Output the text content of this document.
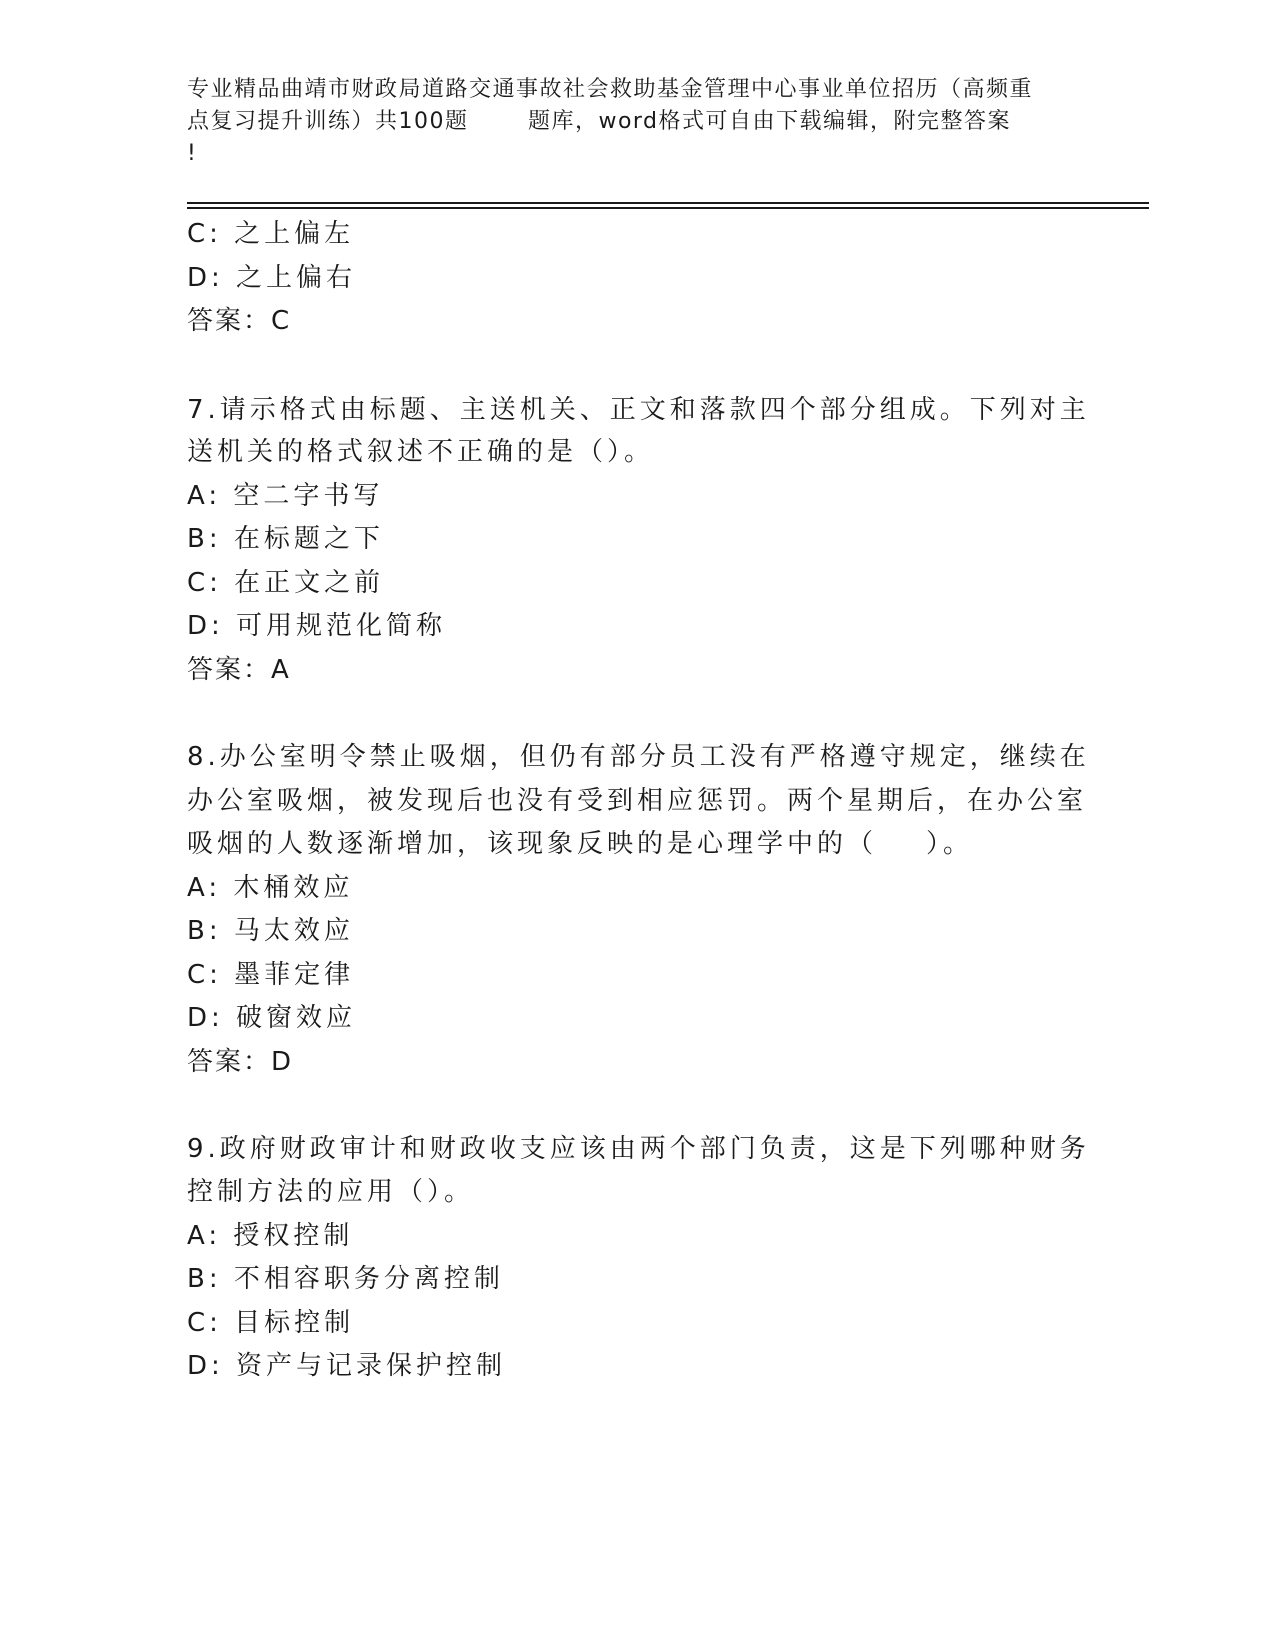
专业精品曲靖市财政局道路交通事故社会救助基金管理中心事业单位招历（高频重
点复习提升训练）共100题       题库，word格式可自由下载编辑，附完整答案
!
C: 之上偏左
D: 之上偏右
答案：C
7.请示格式由标题、主送机关、正文和落款四个部分组成。下列对主
送机关的格式叙述不正确的是（）。
A: 空二字书写
B: 在标题之下
C: 在正文之前
D: 可用规范化简称
答案：A
8.办公室明令禁止吸烟，但仍有部分员工没有严格遵守规定，继续在
办公室吸烟，被发现后也没有受到相应惩罚。两个星期后，在办公室
吸烟的人数逐渐增加，该现象反映的是心理学中的（    ）。
A: 木桶效应
B: 马太效应
C: 墨菲定律
D: 破窗效应
答案：D
9.政府财政审计和财政收支应该由两个部门负责，这是下列哪种财务
控制方法的应用（）。
A: 授权控制
B: 不相容职务分离控制
C: 目标控制
D: 资产与记录保护控制
